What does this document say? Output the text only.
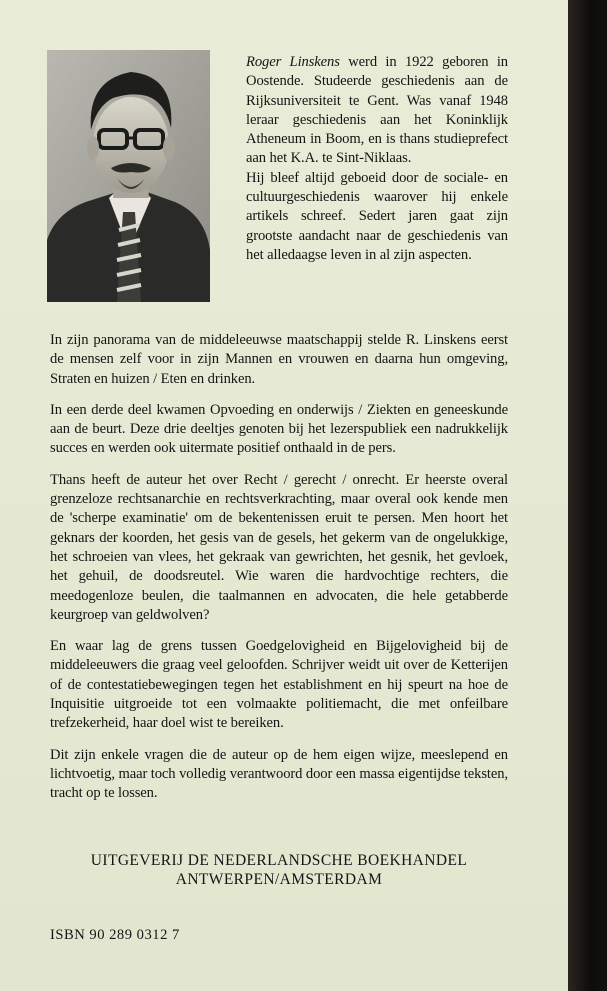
Roger Linskens werd in 1922 geboren in Oostende. Studeerde geschiedenis aan de Rijksuniversiteit te Gent. Was vanaf 1948 leraar geschiedenis aan het Koninklijk Atheneum in Boom, en is thans studieprefect aan het K.A. te Sint-Niklaas.

Hij bleef altijd geboeid door de sociale- en cultuurgeschiedenis waarover hij enkele artikels schreef. Sedert jaren gaat zijn grootste aandacht naar de geschiedenis van het alledaagse leven in al zijn aspecten.

In zijn panorama van de middeleeuwse maatschappij stelde R. Linskens eerst de mensen zelf voor in zijn Mannen en vrouwen en daarna hun omgeving, Straten en huizen / Eten en drinken.

In een derde deel kwamen Opvoeding en onderwijs / Ziekten en geneeskunde aan de beurt. Deze drie deeltjes genoten bij het lezerspubliek een nadrukkelijk succes en werden ook uitermate positief onthaald in de pers.

Thans heeft de auteur het over Recht / gerecht / onrecht. Er heerste overal grenzeloze rechtsanarchie en rechtsverkrachting, maar overal ook kende men de 'scherpe examinatie' om de bekentenissen eruit te persen. Men hoort het geknars der koorden, het gesis van de gesels, het gekerm van de ongelukkige, het schroeien van vlees, het gekraak van gewrichten, het gesnik, het gevloek, het gehuil, de doodsreutel. Wie waren die hardvochtige rechters, die meedogenloze beulen, die taalmannen en advocaten, die hele getabberde keurgroep van geldwolven?

En waar lag de grens tussen Goedgelovigheid en Bijgelovigheid bij de middeleeuwers die graag veel geloofden. Schrijver weidt uit over de Ketterijen of de contestatiebewegingen tegen het establishment en hij speurt na hoe de Inquisitie uitgroeide tot een volmaakte politiemacht, die met onfeilbare trefzekerheid, haar doel wist te bereiken.

Dit zijn enkele vragen die de auteur op de hem eigen wijze, meeslepend en lichtvoetig, maar toch volledig verantwoord door een massa eigentijdse teksten, tracht op te lossen.

UITGEVERIJ DE NEDERLANDSCHE BOEKHANDEL
ANTWERPEN/AMSTERDAM
ISBN 90 289 0312 7
